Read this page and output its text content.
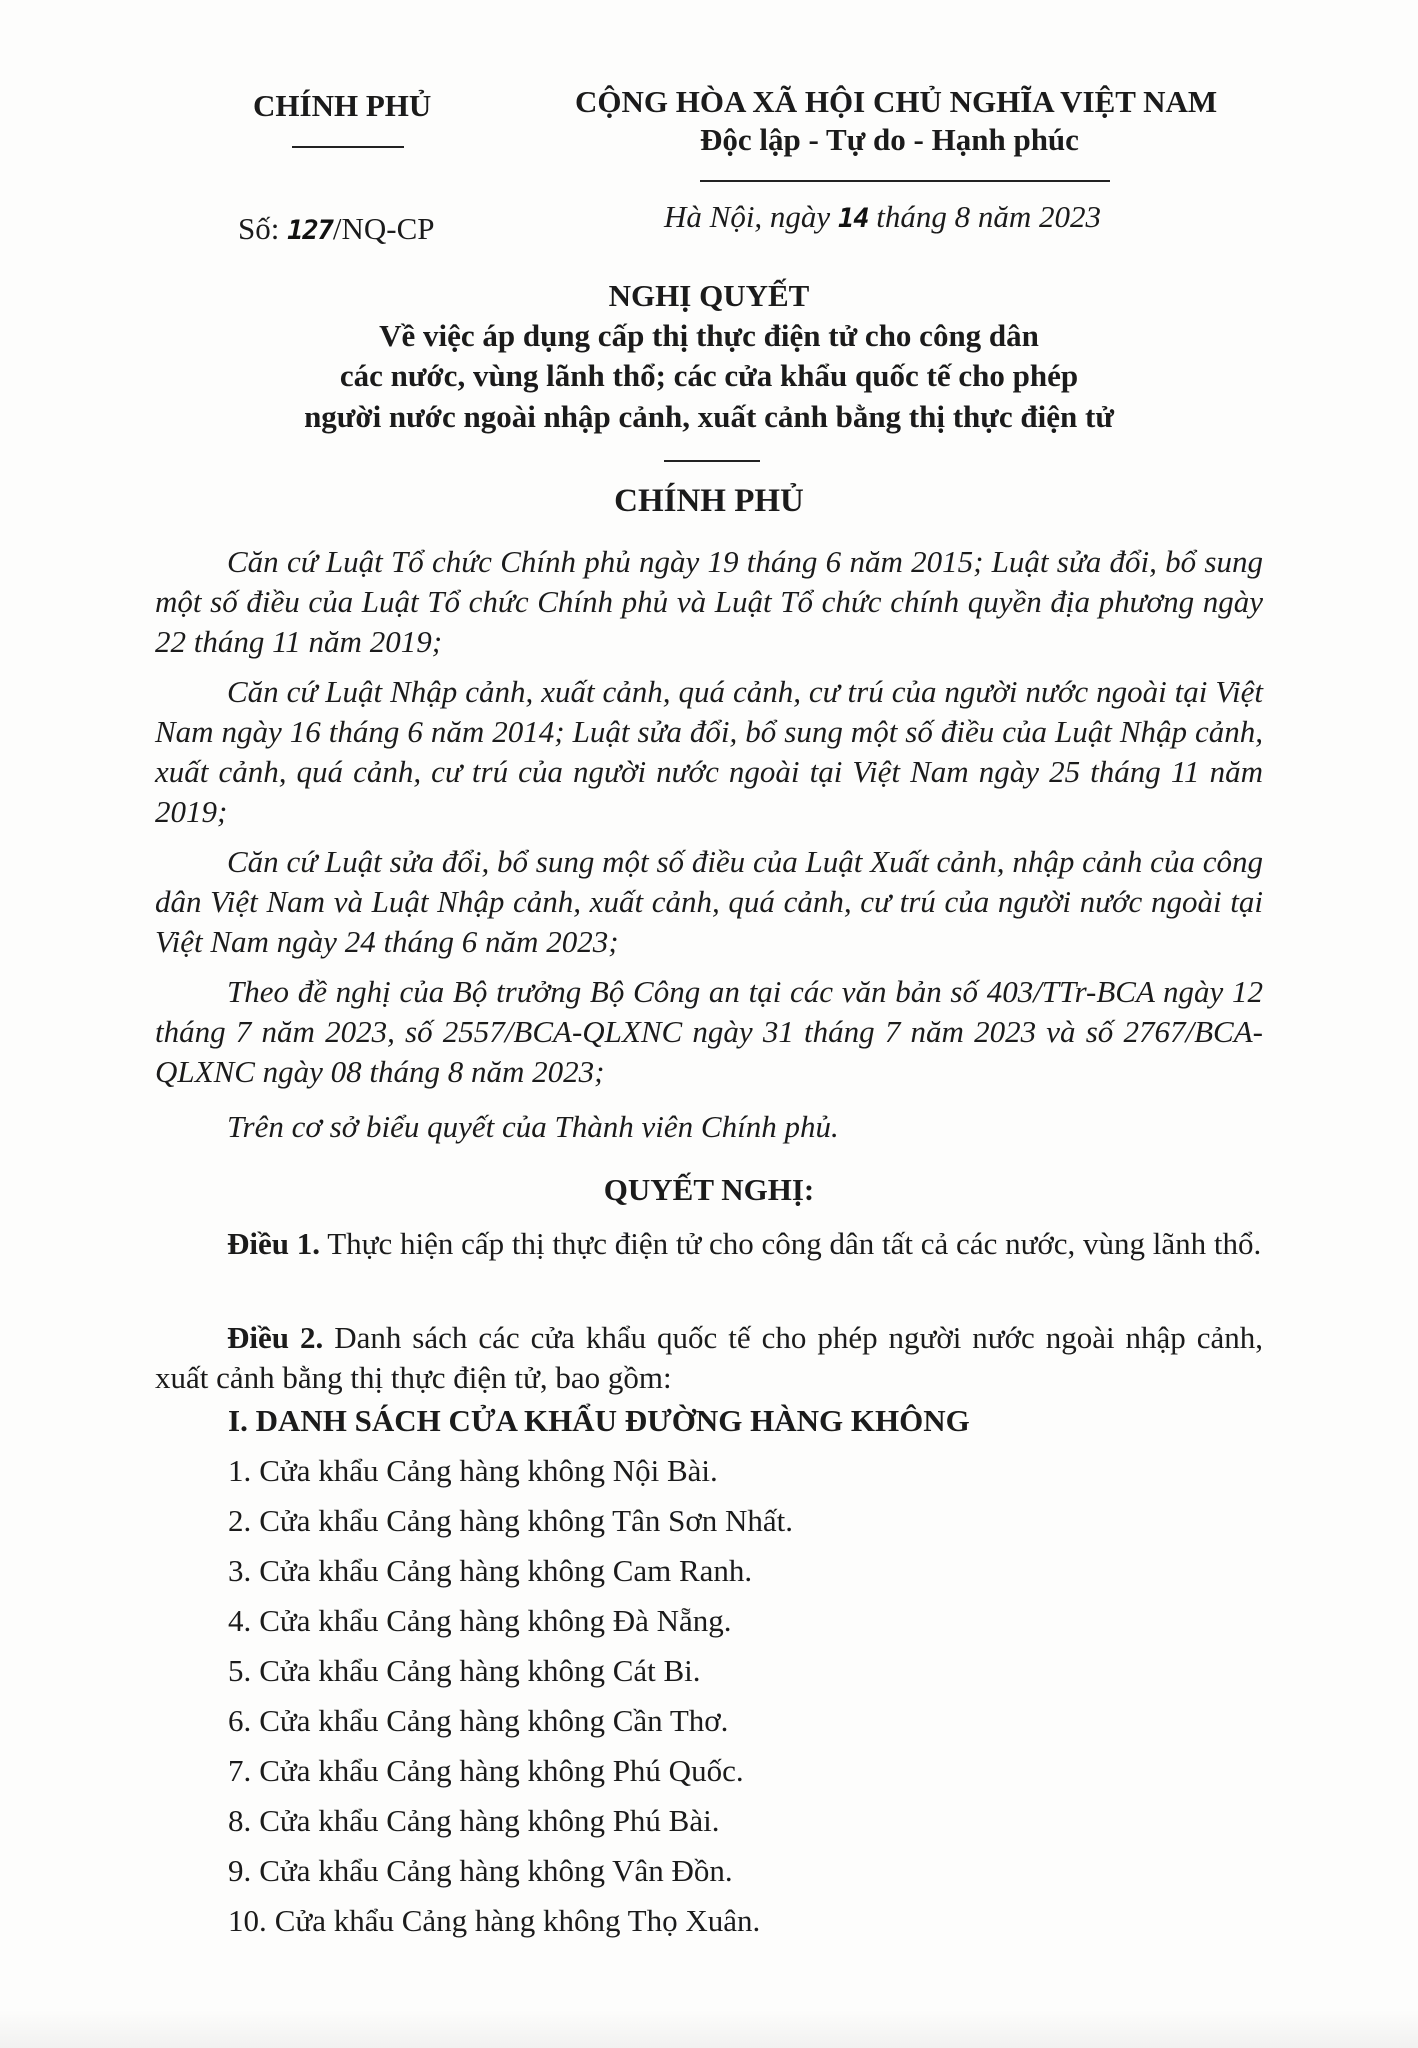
CHÍNH PHỦ	CỘNG HÒA XÃ HỘI CHỦ NGHĨA VIỆT NAM
Độc lập - Tự do - Hạnh phúc
Số: 127/NQ-CP	Hà Nội, ngày 14 tháng 8 năm 2023
NGHỊ QUYẾT
Về việc áp dụng cấp thị thực điện tử cho công dân
các nước, vùng lãnh thổ; các cửa khẩu quốc tế cho phép
người nước ngoài nhập cảnh, xuất cảnh bằng thị thực điện tử
CHÍNH PHỦ
Căn cứ Luật Tổ chức Chính phủ ngày 19 tháng 6 năm 2015; Luật sửa đổi, bổ sung một số điều của Luật Tổ chức Chính phủ và Luật Tổ chức chính quyền địa phương ngày 22 tháng 11 năm 2019;
Căn cứ Luật Nhập cảnh, xuất cảnh, quá cảnh, cư trú của người nước ngoài tại Việt Nam ngày 16 tháng 6 năm 2014; Luật sửa đổi, bổ sung một số điều của Luật Nhập cảnh, xuất cảnh, quá cảnh, cư trú của người nước ngoài tại Việt Nam ngày 25 tháng 11 năm 2019;
Căn cứ Luật sửa đổi, bổ sung một số điều của Luật Xuất cảnh, nhập cảnh của công dân Việt Nam và Luật Nhập cảnh, xuất cảnh, quá cảnh, cư trú của người nước ngoài tại Việt Nam ngày 24 tháng 6 năm 2023;
Theo đề nghị của Bộ trưởng Bộ Công an tại các văn bản số 403/TTr-BCA ngày 12 tháng 7 năm 2023, số 2557/BCA-QLXNC ngày 31 tháng 7 năm 2023 và số 2767/BCA-QLXNC ngày 08 tháng 8 năm 2023;
Trên cơ sở biểu quyết của Thành viên Chính phủ.
QUYẾT NGHỊ:
Điều 1. Thực hiện cấp thị thực điện tử cho công dân tất cả các nước, vùng lãnh thổ.
Điều 2. Danh sách các cửa khẩu quốc tế cho phép người nước ngoài nhập cảnh, xuất cảnh bằng thị thực điện tử, bao gồm:
I. DANH SÁCH CỬA KHẨU ĐƯỜNG HÀNG KHÔNG
1. Cửa khẩu Cảng hàng không Nội Bài.
2. Cửa khẩu Cảng hàng không Tân Sơn Nhất.
3. Cửa khẩu Cảng hàng không Cam Ranh.
4. Cửa khẩu Cảng hàng không Đà Nẵng.
5. Cửa khẩu Cảng hàng không Cát Bi.
6. Cửa khẩu Cảng hàng không Cần Thơ.
7. Cửa khẩu Cảng hàng không Phú Quốc.
8. Cửa khẩu Cảng hàng không Phú Bài.
9. Cửa khẩu Cảng hàng không Vân Đồn.
10. Cửa khẩu Cảng hàng không Thọ Xuân.
